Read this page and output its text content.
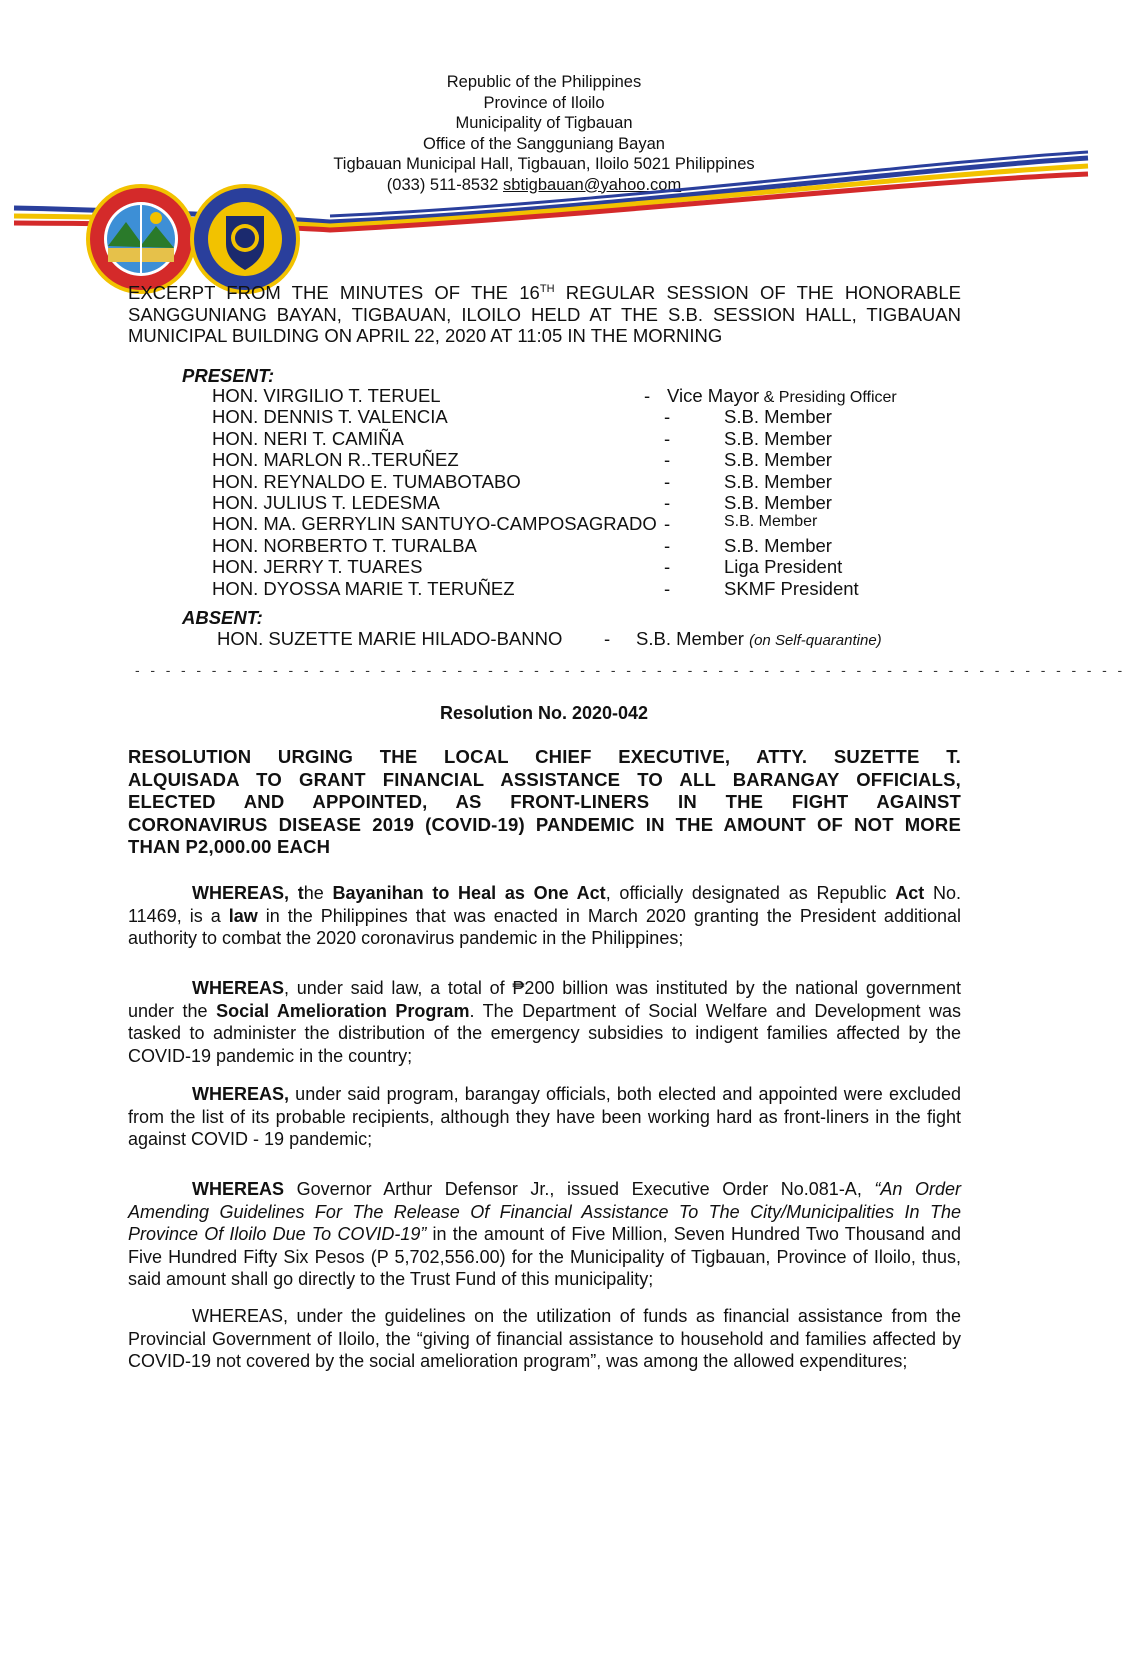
Republic of the Philippines
Province of Iloilo
Municipality of Tigbauan
Office of the Sangguniang Bayan
Tigbauan Municipal Hall, Tigbauan, Iloilo 5021 Philippines
(033) 511-8532 sbtigbauan@yahoo.com
EXCERPT FROM THE MINUTES OF THE 16TH REGULAR SESSION OF THE HONORABLE SANGGUNIANG BAYAN, TIGBAUAN, ILOILO HELD AT THE S.B. SESSION HALL, TIGBAUAN MUNICIPAL BUILDING ON APRIL 22, 2020 AT 11:05 IN THE MORNING
PRESENT:
HON. VIRGILIO T. TERUEL	- Vice Mayor & Presiding Officer
HON. DENNIS T. VALENCIA	-	S.B. Member
HON. NERI T. CAMIÑA	-	S.B. Member
HON. MARLON R..TERUÑEZ	-	S.B. Member
HON. REYNALDO E. TUMABOTABO	-	S.B. Member
HON. JULIUS T. LEDESMA	-	S.B. Member
HON. MA. GERRYLIN SANTUYO-CAMPOSAGRADO -	S.B. Member
HON. NORBERTO T. TURALBA	-	S.B. Member
HON. JERRY T. TUARES	-	Liga President
HON. DYOSSA MARIE T. TERUÑEZ	-	SKMF President
ABSENT:
HON. SUZETTE MARIE HILADO-BANNO - S.B. Member (on Self-quarantine)
- - - - - - - - - - - - - - - - - - - - - - - - - - - - - - - - - - - - - - - - - - - - - - - - - - - - - - - - - - - - - - - - -
Resolution No. 2020-042
RESOLUTION URGING THE LOCAL CHIEF EXECUTIVE, ATTY. SUZETTE T.
ALQUISADA TO GRANT FINANCIAL ASSISTANCE TO ALL BARANGAY OFFICIALS,
ELECTED AND APPOINTED, AS FRONT-LINERS IN THE FIGHT AGAINST
CORONAVIRUS DISEASE 2019 (COVID-19) PANDEMIC IN THE AMOUNT OF NOT MORE
THAN P2,000.00 EACH
WHEREAS, the Bayanihan to Heal as One Act, officially designated as Republic Act No. 11469, is a law in the Philippines that was enacted in March 2020 granting the President additional authority to combat the 2020 coronavirus pandemic in the Philippines;
WHEREAS, under said law, a total of ₱200 billion was instituted by the national government under the Social Amelioration Program. The Department of Social Welfare and Development was tasked to administer the distribution of the emergency subsidies to indigent families affected by the COVID-19 pandemic in the country;
WHEREAS, under said program, barangay officials, both elected and appointed were excluded from the list of its probable recipients, although they have been working hard as front-liners in the fight against COVID - 19 pandemic;
WHEREAS Governor Arthur Defensor Jr., issued Executive Order No.081-A, “An Order Amending Guidelines For The Release Of Financial Assistance To The City/Municipalities In The Province Of Iloilo Due To COVID-19” in the amount of Five Million, Seven Hundred Two Thousand and Five Hundred Fifty Six Pesos (P 5,702,556.00) for the Municipality of Tigbauan, Province of Iloilo, thus, said amount shall go directly to the Trust Fund of this municipality;
WHEREAS, under the guidelines on the utilization of funds as financial assistance from the Provincial Government of Iloilo, the “giving of financial assistance to household and families affected by COVID-19 not covered by the social amelioration program”, was among the allowed expenditures;
